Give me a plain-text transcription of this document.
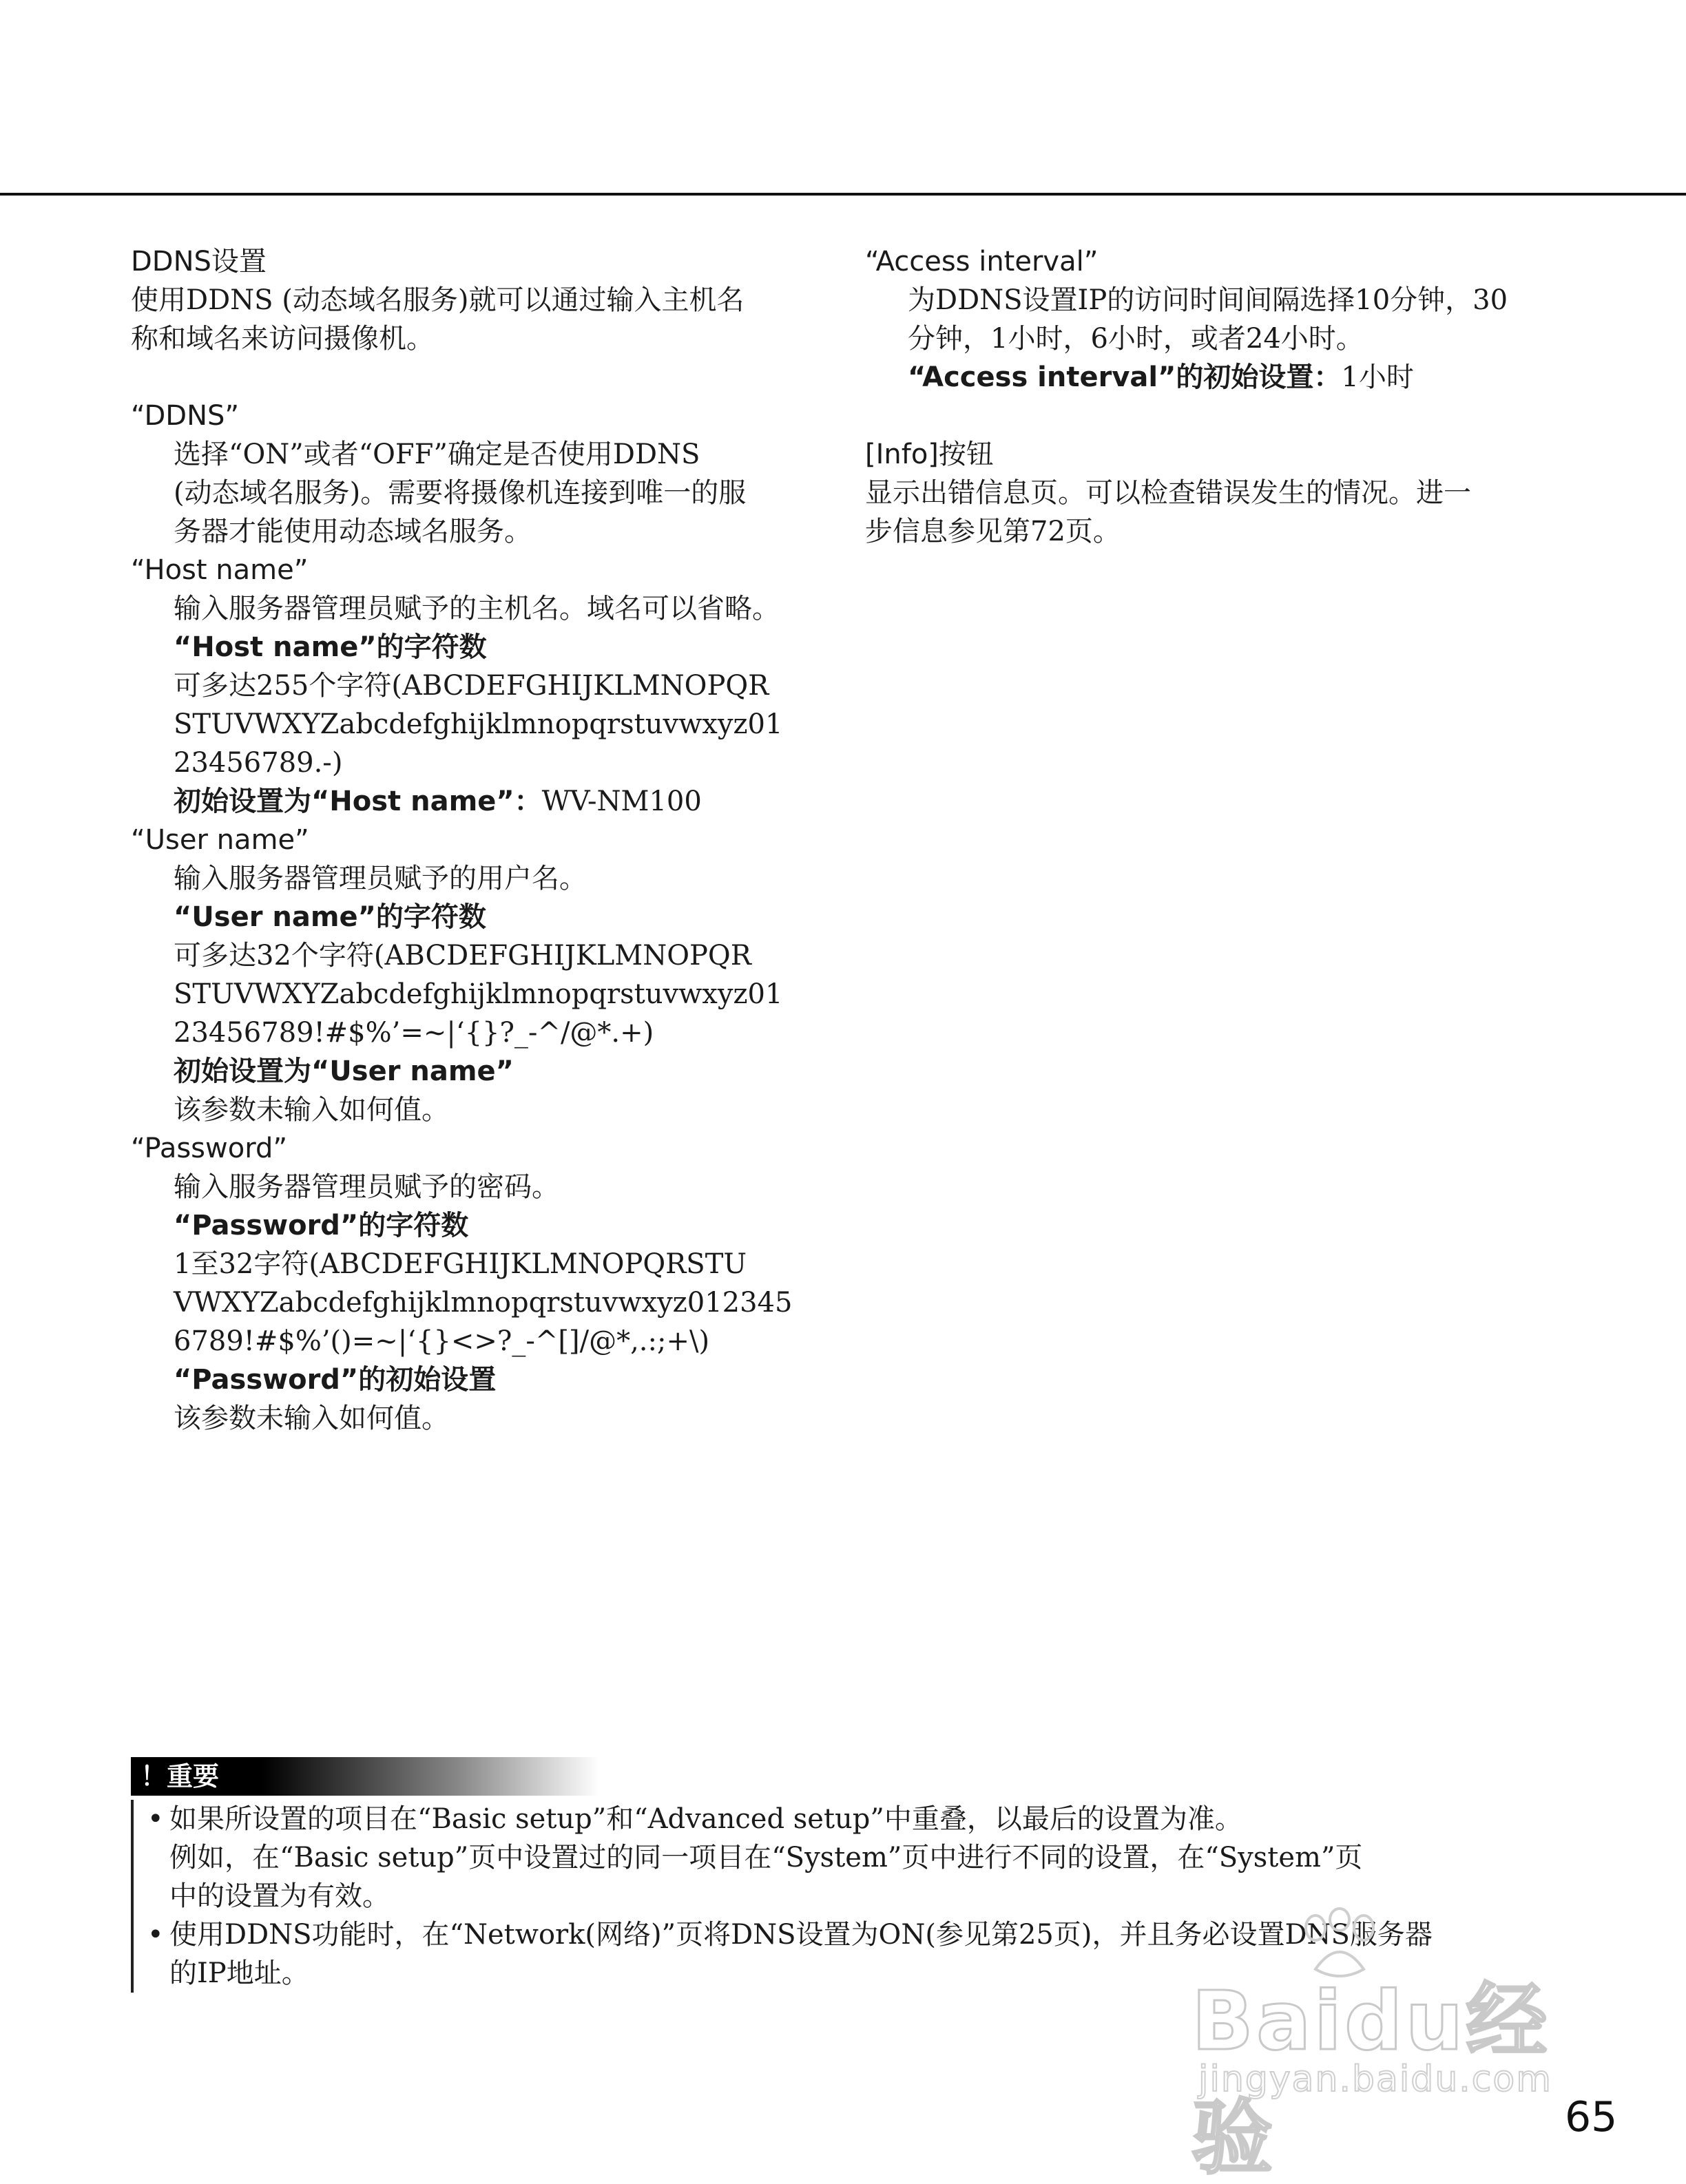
DDNS设置
使用DDNS (动态域名服务)就可以通过输入主机名
称和域名来访问摄像机。
“DDNS”
选择“ON”或者“OFF”确定是否使用DDNS
(动态域名服务)。需要将摄像机连接到唯一的服
务器才能使用动态域名服务。
“Host name”
输入服务器管理员赋予的主机名。域名可以省略。
“Host name”的字符数
可多达255个字符(ABCDEFGHIJKLMNOPQR
STUVWXYZabcdefghijklmnopqrstuvwxyz01
23456789.-)
初始设置为“Host name”：WV-NM100
“User name”
输入服务器管理员赋予的用户名。
“User name”的字符数
可多达32个字符(ABCDEFGHIJKLMNOPQR
STUVWXYZabcdefghijklmnopqrstuvwxyz01
23456789!#$%’=~|‘{}?_-^/@*.+)
初始设置为“User name”
该参数未输入如何值。
“Password”
输入服务器管理员赋予的密码。
“Password”的字符数
1至32字符(ABCDEFGHIJKLMNOPQRSTU
VWXYZabcdefghijklmnopqrstuvwxyz012345
6789!#$%’()=~|‘{}<>?_-^[]/@*,.:;+\)
“Password”的初始设置
该参数未输入如何值。
“Access interval”
为DDNS设置IP的访问时间间隔选择10分钟，30
分钟，1小时，6小时，或者24小时。
“Access interval”的初始设置：1小时
[Info]按钮
显示出错信息页。可以检查错误发生的情况。进一
步信息参见第72页。
！重要
• 如果所设置的项目在“Basic setup”和“Advanced setup”中重叠，以最后的设置为准。
例如，在“Basic setup”页中设置过的同一项目在“System”页中进行不同的设置，在“System”页
中的设置为有效。
• 使用DDNS功能时，在“Network(网络)”页将DNS设置为ON(参见第25页)，并且务必设置DNS服务器
的IP地址。	Baidu经验
jingyan.baidu.com
65
